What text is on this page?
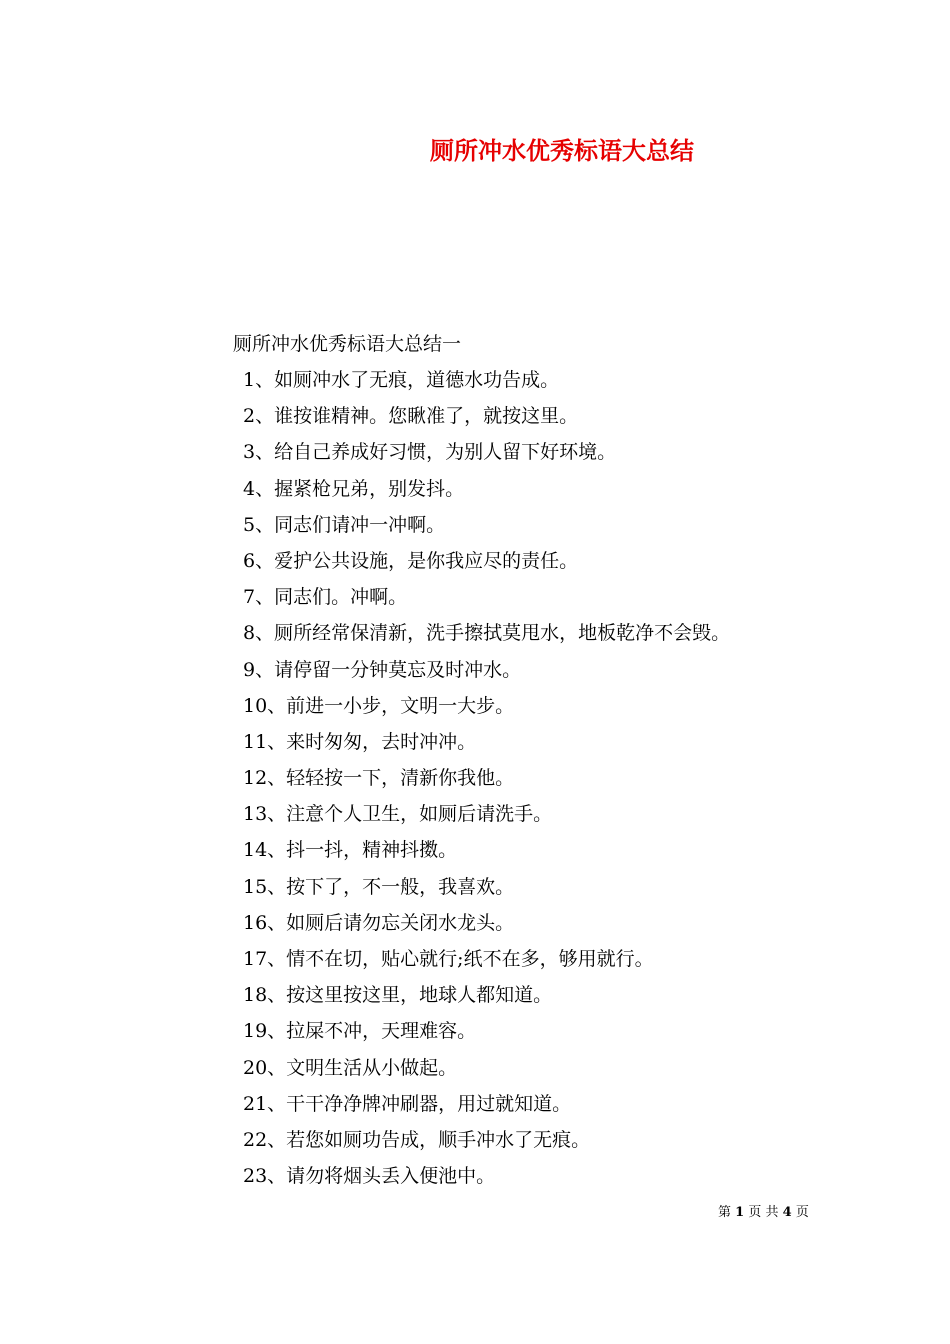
厕所冲水优秀标语大总结
厕所冲水优秀标语大总结一
1、如厕冲水了无痕，道德水功告成。
2、谁按谁精神。您瞅准了，就按这里。
3、给自己养成好习惯，为别人留下好环境。
4、握紧枪兄弟，别发抖。
5、同志们请冲一冲啊。
6、爱护公共设施，是你我应尽的责任。
7、同志们。冲啊。
8、厕所经常保清新，洗手擦拭莫甩水，地板乾净不会毁。
9、请停留一分钟莫忘及时冲水。
10、前进一小步，文明一大步。
11、来时匆匆，去时冲冲。
12、轻轻按一下，清新你我他。
13、注意个人卫生，如厕后请洗手。
14、抖一抖，精神抖擞。
15、按下了，不一般，我喜欢。
16、如厕后请勿忘关闭水龙头。
17、情不在切，贴心就行;纸不在多，够用就行。
18、按这里按这里，地球人都知道。
19、拉屎不冲，天理难容。
20、文明生活从小做起。
21、干干净净牌冲刷器，用过就知道。
22、若您如厕功告成，顺手冲水了无痕。
23、请勿将烟头丢入便池中。
第 1 页 共 4 页
